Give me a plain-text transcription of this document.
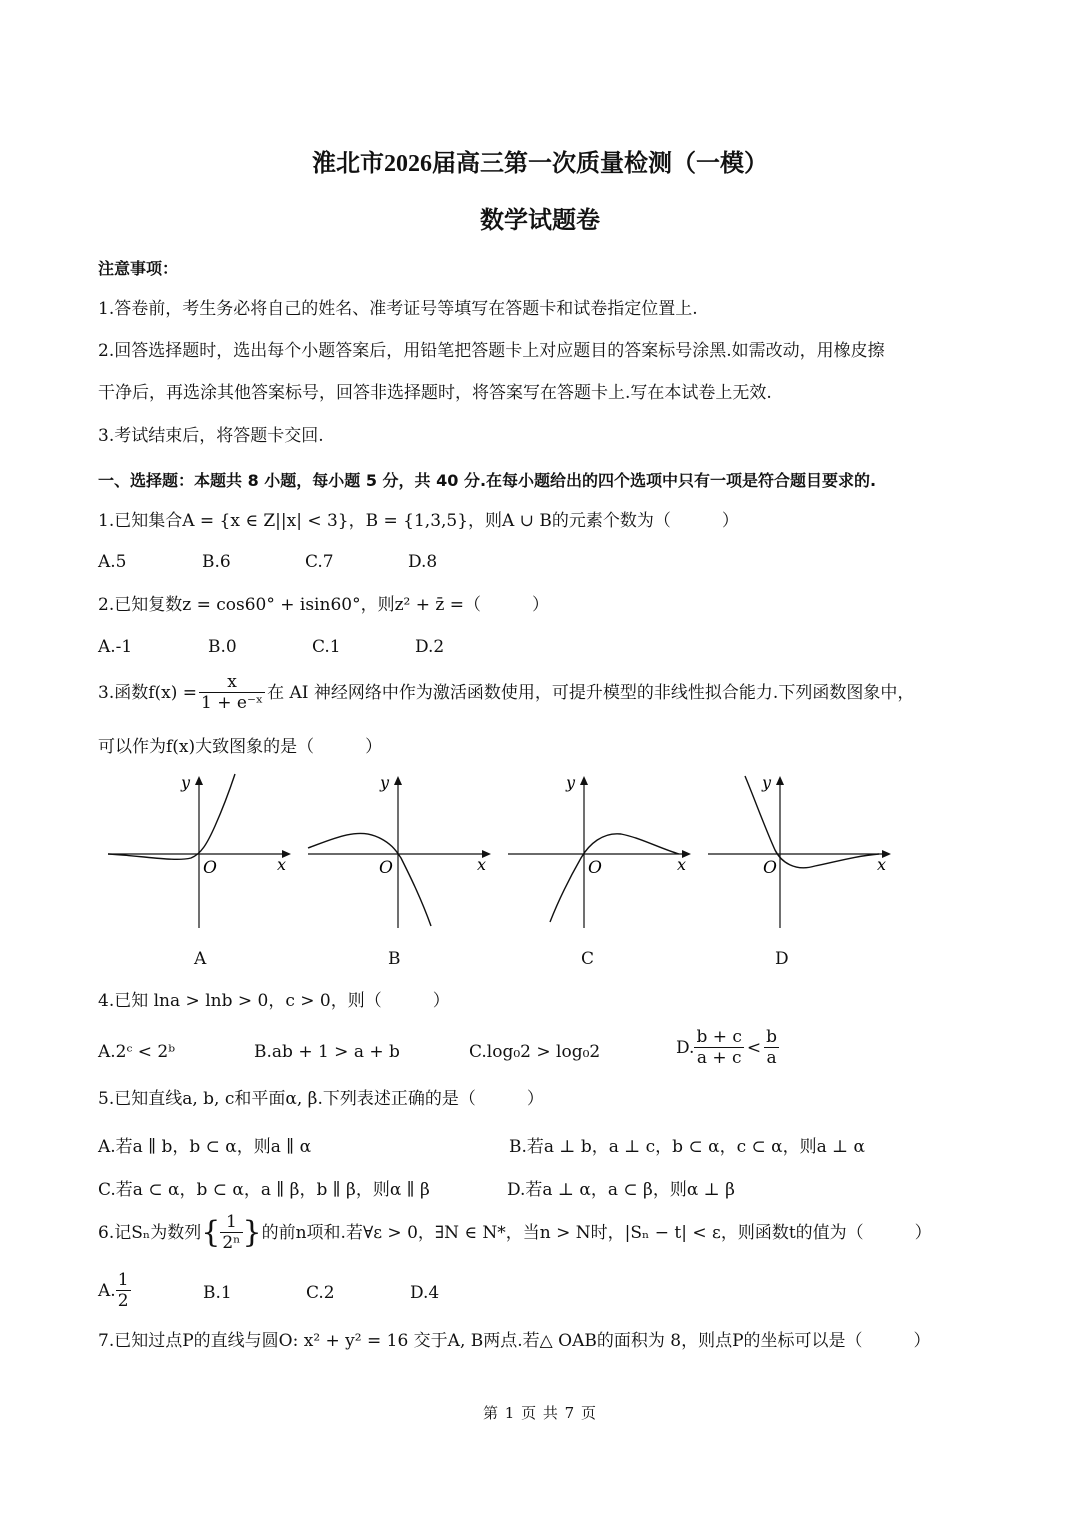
淮北市2026届高三第一次质量检测（一模）
数学试题卷
注意事项：
1.答卷前，考生务必将自己的姓名、准考证号等填写在答题卡和试卷指定位置上.
2.回答选择题时，选出每个小题答案后，用铅笔把答题卡上对应题目的答案标号涂黑.如需改动，用橡皮擦
干净后，再选涂其他答案标号，回答非选择题时，将答案写在答题卡上.写在本试卷上无效.
3.考试结束后，将答题卡交回.
一、选择题：本题共 8 小题，每小题 5 分，共 40 分.在每小题给出的四个选项中只有一项是符合题目要求的.
1.已知集合A = {x ∈ Z||x| < 3}，B = {1,3,5}，则A ∪ B的元素个数为（　　　）
A.5	B.6	C.7	D.8
2.已知复数z = cos60° + isin60°，则z² + z̄ =（　　　）
A.-1	B.0	C.1	D.2
3.函数$f(x) = \frac{x}{\text{1 + e⁻ˣ}}$ 在 AI 神经网络中作为激活函数使用，可提升模型的非线性拟合能力.下列函数图象中，
可以作为f(x)大致图象的是（　　　）
y
x
O
y
x
O
y
x
O
y
x
O
A	B	C	D
4.已知 lna > lnb > 0，c > 0，则（　　　）
A.2ᶜ < 2ᵇ	B.ab + 1 > a + b	C.log₀2 > log₀2	D. $\frac{b + c}{a + c} < \frac{b}{a}$
5.已知直线a, b, c和平面α, β.下列表述正确的是（　　　）
A.若a ∥ b，b ⊂ α，则a ∥ α	B.若a ⊥ b，a ⊥ c，b ⊂ α，c ⊂ α，则a ⊥ α
C.若a ⊂ α，b ⊂ α，a ∥ β，b ∥ β，则α ∥ β	D.若a ⊥ α，a ⊂ β，则α ⊥ β
6.记Sₙ为数列 { $\frac{1}{\text{2ⁿ}}$ } 的前n项和.若∀ε > 0，∃N ∈ N*，当n > N时，|Sₙ − t| < ε，则函数t的值为（　　　）
A. $\frac{1}{2}$	B.1	C.2	D.4
7.已知过点P的直线与圆O: x² + y² = 16 交于A, B两点.若△ OAB的面积为 8，则点P的坐标可以是（　　　）
第 1 页 共 7 页
